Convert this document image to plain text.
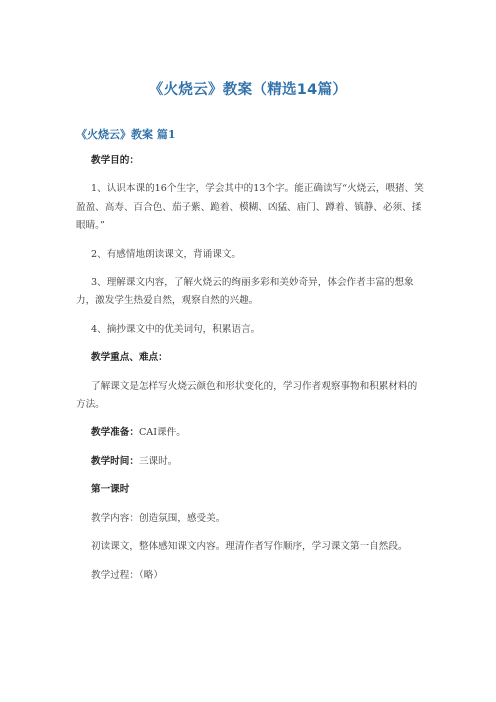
《火烧云》教案（精选14篇）
《火烧云》教案 篇1

教学目的：

1、认识本课的16个生字，学会其中的13个字。能正确读写“火烧云，喂猪、笑盈盈、高寿、百合色、茄子紫、跪着、模糊、凶猛、庙门、蹲着、镇静、必须、揉眼睛。”

2、有感情地朗读课文，背诵课文。

3、理解课文内容，了解火烧云的绚丽多彩和美妙奇异，体会作者丰富的想象力，激发学生热爱自然，观察自然的兴趣。

4、摘抄课文中的优美词句，积累语言。

教学重点、难点：

了解课文是怎样写火烧云颜色和形状变化的，学习作者观察事物和积累材料的方法。

教学准备：CAI课件。

教学时间：三课时。

第一课时

教学内容：创造氛围，感受美。

初读课文，整体感知课文内容。理清作者写作顺序，学习课文第一自然段。

教学过程：（略）
